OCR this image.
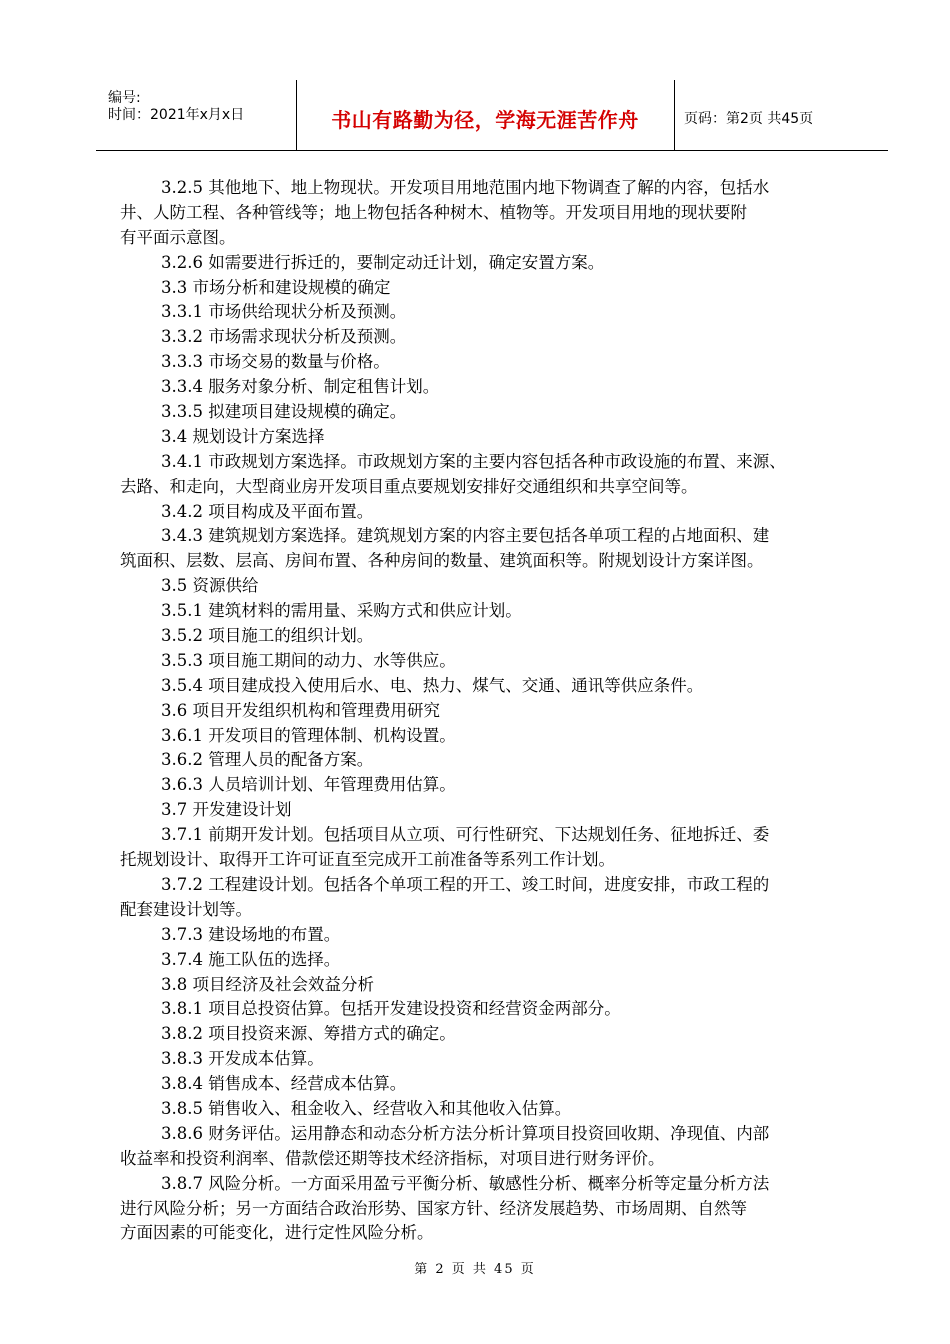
编号:
时间：2021年x月x日	书山有路勤为径，学海无涯苦作舟	页码：第2页 共45页
3.2.5 其他地下、地上物现状。开发项目用地范围内地下物调查了解的内容，包括水
井、人防工程、各种管线等；地上物包括各种树木、植物等。开发项目用地的现状要附
有平面示意图。
3.2.6 如需要进行拆迁的，要制定动迁计划，确定安置方案。
3.3 市场分析和建设规模的确定
3.3.1 市场供给现状分析及预测。
3.3.2 市场需求现状分析及预测。
3.3.3 市场交易的数量与价格。
3.3.4 服务对象分析、制定租售计划。
3.3.5 拟建项目建设规模的确定。
3.4 规划设计方案选择
3.4.1 市政规划方案选择。市政规划方案的主要内容包括各种市政设施的布置、来源、
去路、和走向，大型商业房开发项目重点要规划安排好交通组织和共享空间等。
3.4.2 项目构成及平面布置。
3.4.3 建筑规划方案选择。建筑规划方案的内容主要包括各单项工程的占地面积、建
筑面积、层数、层高、房间布置、各种房间的数量、建筑面积等。附规划设计方案详图。
3.5 资源供给
3.5.1 建筑材料的需用量、采购方式和供应计划。
3.5.2 项目施工的组织计划。
3.5.3 项目施工期间的动力、水等供应。
3.5.4 项目建成投入使用后水、电、热力、煤气、交通、通讯等供应条件。
3.6 项目开发组织机构和管理费用研究
3.6.1 开发项目的管理体制、机构设置。
3.6.2 管理人员的配备方案。
3.6.3 人员培训计划、年管理费用估算。
3.7 开发建设计划
3.7.1 前期开发计划。包括项目从立项、可行性研究、下达规划任务、征地拆迁、委
托规划设计、取得开工许可证直至完成开工前准备等系列工作计划。
3.7.2 工程建设计划。包括各个单项工程的开工、竣工时间，进度安排，市政工程的
配套建设计划等。
3.7.3 建设场地的布置。
3.7.4 施工队伍的选择。
3.8 项目经济及社会效益分析
3.8.1 项目总投资估算。包括开发建设投资和经营资金两部分。
3.8.2 项目投资来源、筹措方式的确定。
3.8.3 开发成本估算。
3.8.4 销售成本、经营成本估算。
3.8.5 销售收入、租金收入、经营收入和其他收入估算。
3.8.6 财务评估。运用静态和动态分析方法分析计算项目投资回收期、净现值、内部
收益率和投资利润率、借款偿还期等技术经济指标，对项目进行财务评价。
3.8.7 风险分析。一方面采用盈亏平衡分析、敏感性分析、概率分析等定量分析方法
进行风险分析；另一方面结合政治形势、国家方针、经济发展趋势、市场周期、自然等
方面因素的可能变化，进行定性风险分析。
第 2 页 共 45 页
